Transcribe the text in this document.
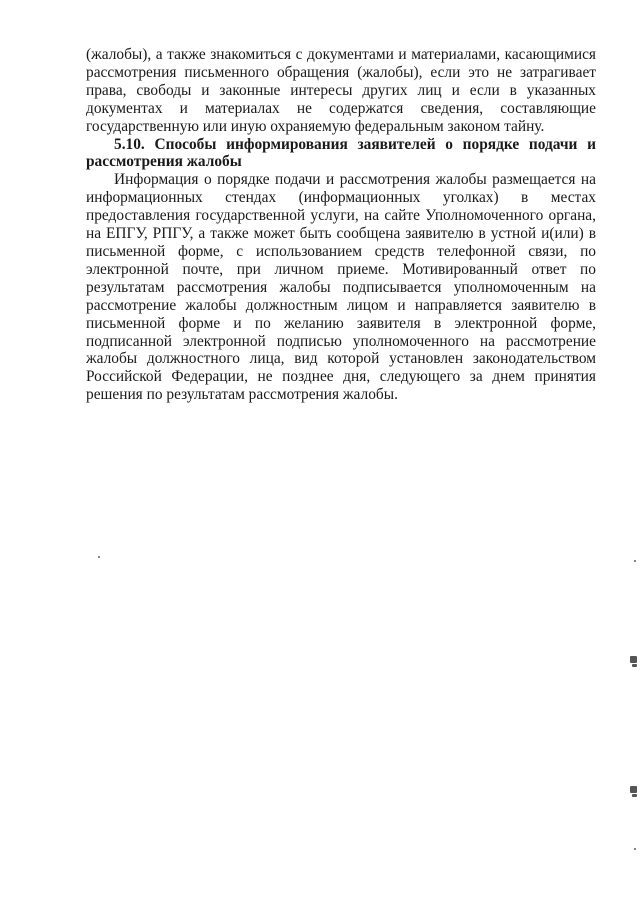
(жалобы), а также знакомиться с документами и материалами, касающимися
рассмотрения письменного обращения (жалобы), если это не затрагивает
права, свободы и законные интересы других лиц и если в указанных
документах и материалах не содержатся сведения, составляющие
государственную или иную охраняемую федеральным законом тайну.
5.10. Способы информирования заявителей о порядке подачи и
рассмотрения жалобы
Информация о порядке подачи и рассмотрения жалобы размещается на
информационных стендах (информационных уголках) в местах
предоставления государственной услуги, на сайте Уполномоченного органа,
на ЕПГУ, РПГУ, а также может быть сообщена заявителю в устной и(или) в
письменной форме, с использованием средств телефонной связи, по
электронной почте, при личном приеме. Мотивированный ответ по
результатам рассмотрения жалобы подписывается уполномоченным на
рассмотрение жалобы должностным лицом и направляется заявителю в
письменной форме и по желанию заявителя в электронной форме,
подписанной электронной подписью уполномоченного на рассмотрение
жалобы должностного лица, вид которой установлен законодательством
Российской Федерации, не позднее дня, следующего за днем принятия
решения по результатам рассмотрения жалобы.
